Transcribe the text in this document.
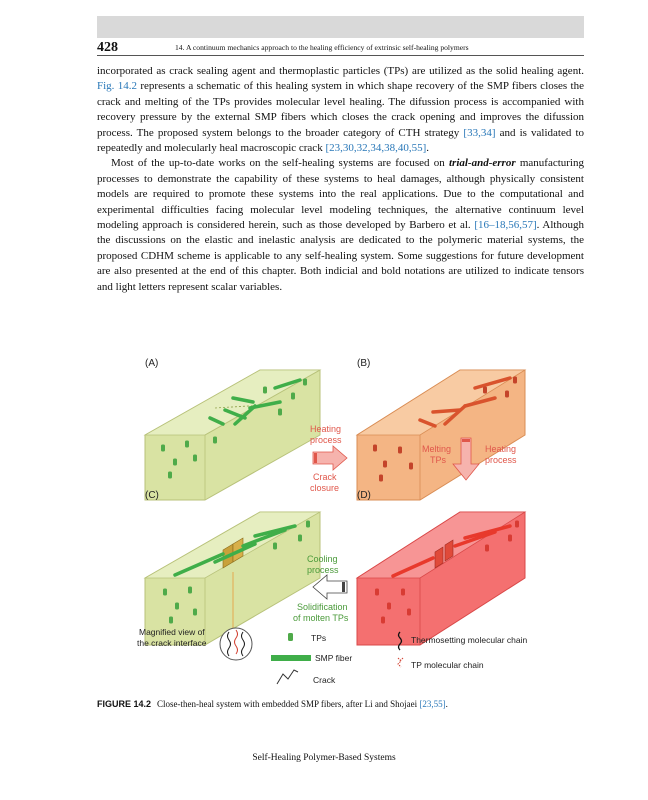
428	14. A continuum mechanics approach to the healing efficiency of extrinsic self-healing polymers

incorporated as crack sealing agent and thermoplastic particles (TPs) are utilized as the solid healing agent. Fig. 14.2 represents a schematic of this healing system in which shape recovery of the SMP fibers closes the crack and melting of the TPs provides molecular level healing. The difussion process is accompanied with recovery pressure by the external SMP fibers which closes the crack opening and improves the difussion process. The proposed system belongs to the broader category of CTH strategy [33,34] and is validated to repeatedly and molecularly heal macroscopic crack [23,30,32,34,38,40,55].

Most of the up-to-date works on the self-healing systems are focused on trial-and-error manufacturing processes to demonstrate the capability of these systems to heal damages, although physically consistent models are required to promote these systems into the real applications. Due to the computational and experimental difficulties facing molecular level modeling techniques, the alternative continuum level modeling approach is considered herein, such as those developed by Barbero et al. [16–18,56,57]. Although the discussions on the elastic and inelastic analysis are dedicated to the polymeric material systems, the proposed CDHM scheme is applicable to any self-healing system. Some suggestions for future development are also presented at the end of this chapter. Both indicial and bold notations are utilized to indicate tensors and light letters represent scalar variables.

(A)	(B)
Heating
process
Crack
closure
Melting
TPs
Heating
process
(C)	(D)
Cooling
process
Solidification
of molten TPs
Magnified view of
the crack interface	TPs
SMP fiber
Crack
Thermosetting molecular chain
TP molecular chain
FIGURE 14.2 Close-then-heal system with embedded SMP fibers, after Li and Shojaei [23,55].
Self-Healing Polymer-Based Systems
